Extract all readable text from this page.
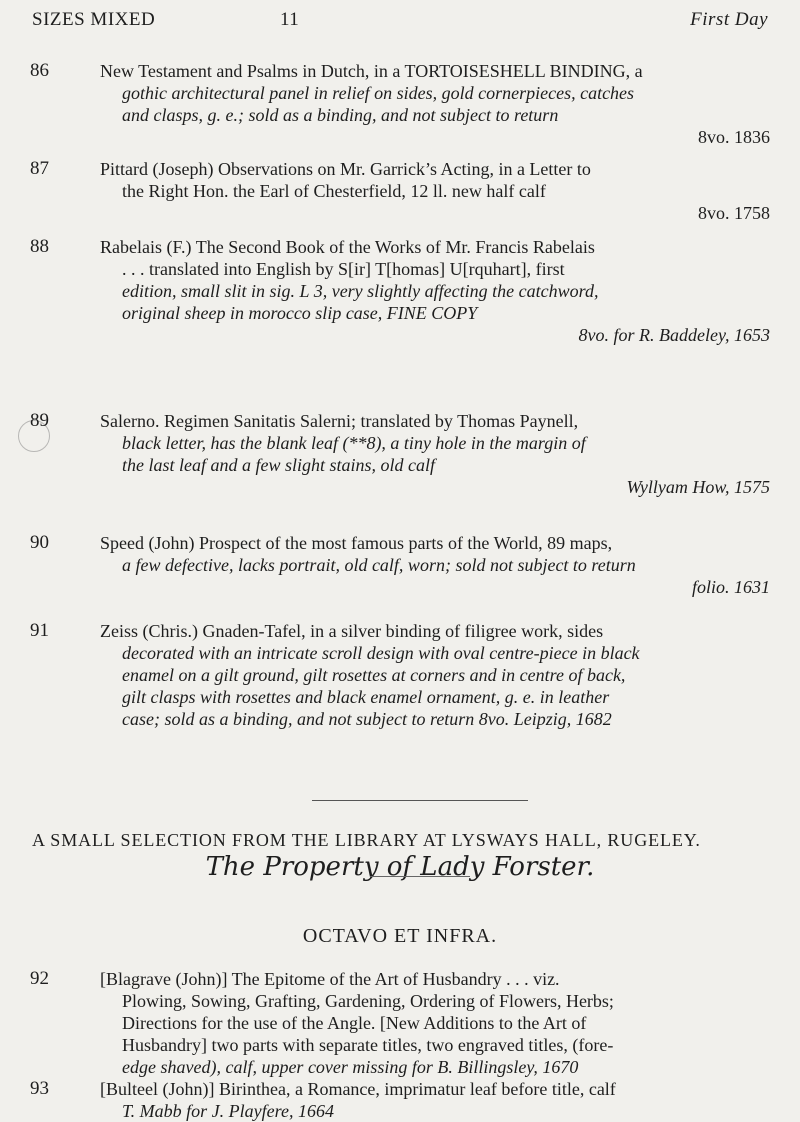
SIZES MIXED	11	First Day
86	New Testament and Psalms in Dutch, in a TORTOISESHELL BINDING, a
gothic architectural panel in relief on sides, gold cornerpieces, catches
and clasps, g. e.; sold as a binding, and not subject to return
8vo. 1836
87	Pittard (Joseph) Observations on Mr. Garrick’s Acting, in a Letter to
the Right Hon. the Earl of Chesterfield, 12 ll. new half calf
8vo. 1758
88	Rabelais (F.) The Second Book of the Works of Mr. Francis Rabelais
. . . translated into English by S[ir] T[homas] U[rquhart], first
edition, small slit in sig. L 3, very slightly affecting the catchword,
original sheep in morocco slip case, FINE COPY
8vo. for R. Baddeley, 1653
89	Salerno. Regimen Sanitatis Salerni; translated by Thomas Paynell,
black letter, has the blank leaf (**8), a tiny hole in the margin of
the last leaf and a few slight stains, old calf
Wyllyam How, 1575
90	Speed (John) Prospect of the most famous parts of the World, 89 maps,
a few defective, lacks portrait, old calf, worn; sold not subject to return
folio. 1631
91	Zeiss (Chris.) Gnaden-Tafel, in a silver binding of filigree work, sides
decorated with an intricate scroll design with oval centre-piece in black
enamel on a gilt ground, gilt rosettes at corners and in centre of back,
gilt clasps with rosettes and black enamel ornament, g. e. in leather
case; sold as a binding, and not subject to return 8vo. Leipzig, 1682
A SMALL SELECTION FROM THE LIBRARY AT LYSWAYS HALL, RUGELEY.
The Property of Lady Forster.
OCTAVO ET INFRA.
92	[Blagrave (John)] The Epitome of the Art of Husbandry . . . viz.
Plowing, Sowing, Grafting, Gardening, Ordering of Flowers, Herbs;
Directions for the use of the Angle. [New Additions to the Art of
Husbandry] two parts with separate titles, two engraved titles, (fore-
edge shaved), calf, upper cover missing for B. Billingsley, 1670
93	[Bulteel (John)] Birinthea, a Romance, imprimatur leaf before title, calf
T. Mabb for J. Playfere, 1664
